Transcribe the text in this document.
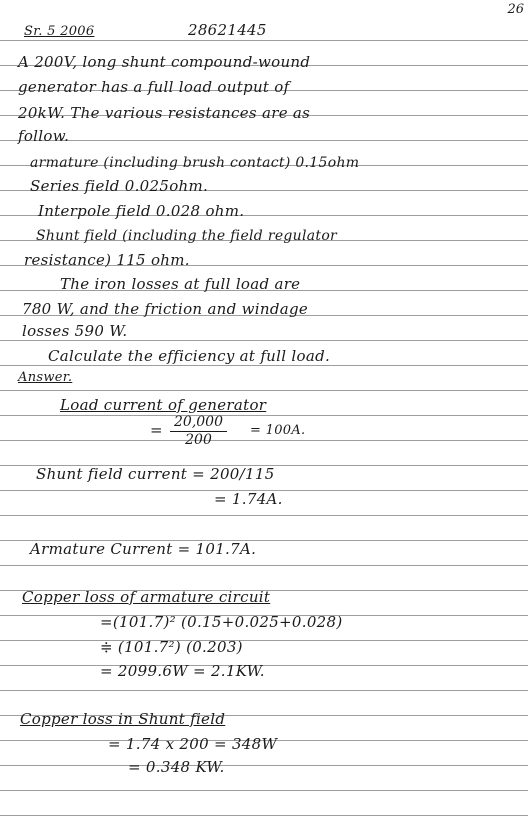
26
Sr. 5 2006	28621445
A 200V, long shunt compound-wound
generator has a full load output of
20kW. The various resistances are as
follow.
armature (including brush contact) 0.15ohm
Series field 0.025ohm.
Interpole field 0.028 ohm.
Shunt field (including the field regulator
resistance) 115 ohm.
The iron losses at full load are
780 W, and the friction and windage
losses 590 W.
Calculate the efficiency at full load.
Answer.
Load current of generator
= $\frac{20,000}{200} = 100A$.
Shunt field current = 200/115
= 1.74A.
Armature Current = 101.7A.
Copper loss of armature circuit
=(101.7)² (0.15+0.025+0.028)
≑ (101.7²) (0.203)
= 2099.6W = 2.1KW.
Copper loss in Shunt field
= 1.74 x 200 = 348W
= 0.348 KW.
